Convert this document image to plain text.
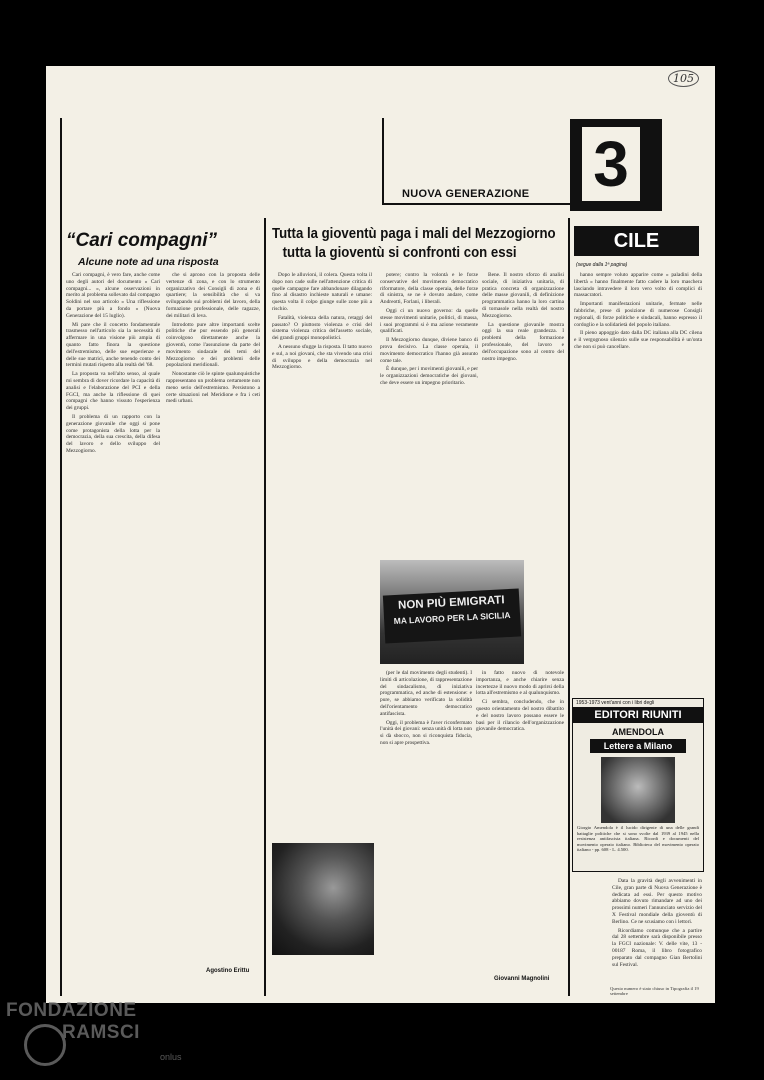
105
3
NUOVA GENERAZIONE
“Cari compagni”
Alcune note ad una risposta

Cari compagni, è vero fare, anche come uno degli autori del documento « Cari compagni... », alcune osservazioni in merito al problema sollevato dal compagno Soldini nel suo articolo « Una riflessione da portare più a fondo » (Nuova Generazione del 15 luglio).

Mi pare che il concetto fondamentale trasmesso nell'articolo sia la necessità di affermare in una visione più ampia di quanto fatto finora la questione dell'estremismo, delle sue esperienze e delle sue matrici, anche tenendo conto dei termini mutati rispetto alla realtà del '68.

La proposta va nell'alto senso, al quale mi sembra di dover ricordare la capacità di analisi e l'elaborazione del PCI e della FGCI, ma anche la riflessione di quei compagni che hanno vissuto l'esperienza dei gruppi.

Il problema di un rapporto con la generazione giovanile che oggi si pone come protagonista della lotta per la democrazia, della sua crescita, della difesa del lavoro e dello sviluppo del Mezzogiorno.

che si aprono con la proposta delle vertenze di zona, e con lo strumento organizzativo dei Consigli di zona e di quartiere; la sensibilità che si va sviluppando sui problemi del lavoro, della formazione professionale, delle ragazze, dei militari di leva.

Introdotto pure altre importanti scelte politiche che pur essendo più generali coinvolgono direttamente anche la gioventù, come l'assunzione da parte del movimento sindacale dei temi del Mezzogiorno e dei problemi delle popolazioni meridionali.

Nonostante ciò le spinte qualunquistiche rappresentano un problema certamente non meno serio dell'estremismo. Persistono a certe situazioni nel Meridione e fra i ceti medi urbani.

Agostino Erittu
Tutta la gioventù paga i mali del Mezzogiorno
tutta la gioventù si confronti con essi

Dopo le alluvioni, il colera. Questa volta il dopo non cade sulle nell'attenzione critica di quelle campagne fare abbandonare dilagando fino al disastro inchieste naturali e umane: questa volta il colpo giunge sulle zone più a rischio.

Fatalità, violenza della natura, retaggi del passato? O piuttosto violenza e crisi del sistema violenza critica dell'assetto sociale, dei grandi gruppi monopolistici.

A nessuno sfugge la risposta. Il tatto nuovo e sul, a noi giovani, che sta vivendo una crisi di sviluppo e della democrazia nel Mezzogiorno.

potere; contro la volontà e le forze conservative del movimento democratico riformatore, della classe operaia, delle forze di sinistra, se ne è dovuto andare, come Andreotti, Forlani, i liberali.

Oggi ci un nuovo governo: da quelle stesse movimenti unitarie, politici, di massa, i suoi programmi si è ma azione veramente qualificati.

Il Mezzogiorno dunque, diviene banco di prova decisivo. La classe operaia, il movimento democratico l'hanno già assunto come tale.

È dunque, per i movimenti giovanili, e per le organizzazioni democratiche dei giovani, che deve essere un impegno prioritario.

Bene. Il nostro sforzo di analisi sociale, di iniziativa unitaria, di pratica concreta di organizzazione delle masse giovanili, di definizione programmatica hanno la loro cartina di tornasole nella realtà del nostro Mezzogiorno.

La questione giovanile mostra oggi la sua reale grandezza. I problemi della formazione professionale, del lavoro e dell'occupazione sono al centro del nostro impegno.

NON PIÙ EMIGRATI
MA LAVORO PER LA SICILIA

(per le dal movimento degli studenti). I limiti di articolazione, di rappresentazione del sindacalismo, di iniziativa programmatica, ed anche di estensione: e pure, se abbiamo verificato la solidità dell'orientamento democratico antifascista.

Oggi, il problema è l'aver riconfermato l'unità dei giovani: senza unità di lotta non si dà sbocco, non si riconquista fiducia, non si apre prospettiva.

in fatto nuovo di notevole importanza, e anche chiarire senza incertezze il nuovo modo di aprirsi della lotta all'estremismo e al qualunquismo.

Ci sembra, concludendo, che in questo orientamento del nostro dibattito e del nostro lavoro possano essere le basi per il rilancio dell'organizzazione giovanile democratica.

Giovanni Magnolini
CILE
(segue dalla 1ª pagina)

hanno sempre voluto apparire come « paladini della libertà » hanno finalmente fatto cadere la loro maschera lasciando intravedere il loro vero volto di complici di massacratori.

Importanti manifestazioni unitarie, fermate nelle fabbriche, prese di posizione di numerose Consigli regionali, di forze politiche e sindacali, hanno espresso il cordoglio e la solidarietà del popolo italiano.

Il pieno appoggio dato dalla DC italiana alla DC cilena e il vergognoso silenzio sulle sue responsabilità è un'onta che non si può cancellare.

1953-1973 vent'anni con i libri degli
EDITORI RIUNITI
AMENDOLA
Lettere a Milano
Giorgio Amendola è il lucido dirigente di una delle grandi battaglie politiche che si sono svolte dal 1939 al 1945 nella resistenza antifascista italiana. Ricordi e documenti del movimento operaio italiano. Biblioteca del movimento operaio italiano - pp. 608 - L. 4.500.

Data la gravità degli avvenimenti in Cile, gran parte di Nuova Generazione è dedicata ad essi. Per questo motivo abbiamo dovuto rimandare ad uno dei prossimi numeri l'annunciato servizio del X Festival mondiale della gioventù di Berlino. Ce ne scusiamo con i lettori.

Ricordiamo comunque che a partire dal 28 settembre sarà disponibile presso la FGCI nazionale: V. delle vite, 13 - 00187 Roma, il libro fotografico preparato dal compagno Gian Bertolini sul Festival.

Questo numero è stato chiuso in Tipografia il 19 settembre
FONDAZIONE
RAMSCI
onlus
